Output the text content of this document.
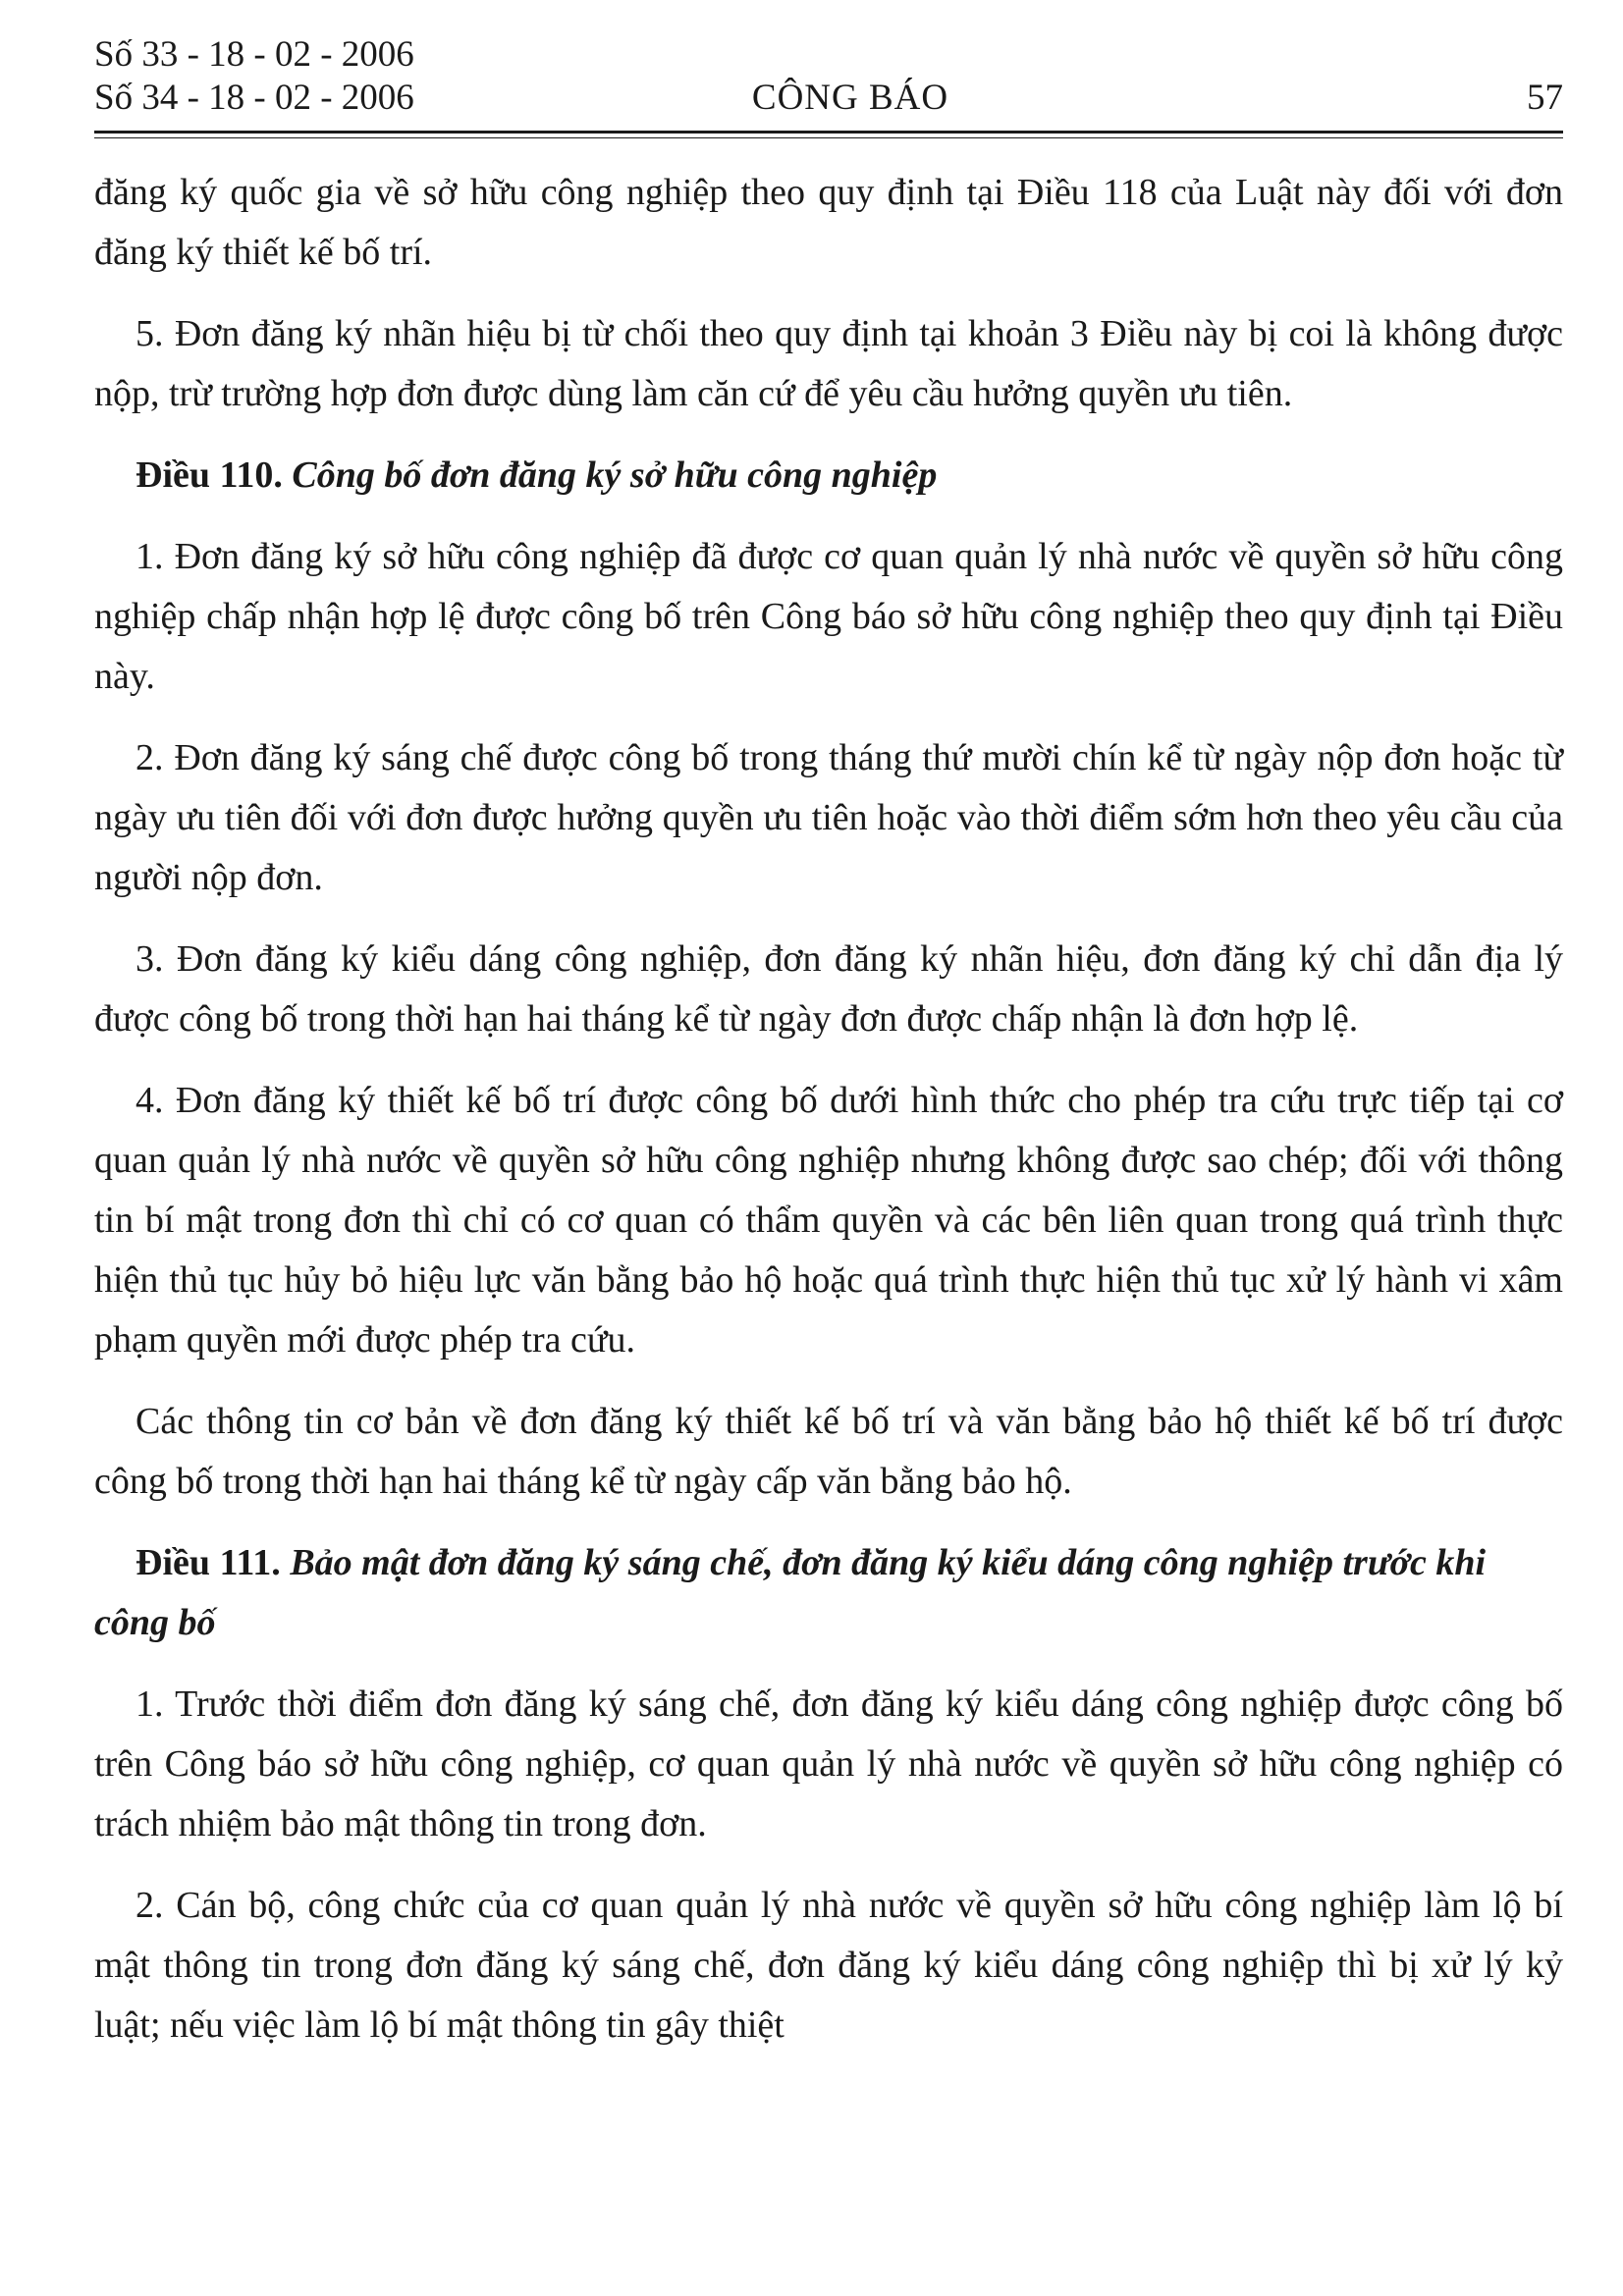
Số 33 - 18 - 02 - 2006
Số 34 - 18 - 02 - 2006	CÔNG BÁO	57

đăng ký quốc gia về sở hữu công nghiệp theo quy định tại Điều 118 của Luật này đối với đơn đăng ký thiết kế bố trí.

5. Đơn đăng ký nhãn hiệu bị từ chối theo quy định tại khoản 3 Điều này bị coi là không được nộp, trừ trường hợp đơn được dùng làm căn cứ để yêu cầu hưởng quyền ưu tiên.

Điều 110. Công bố đơn đăng ký sở hữu công nghiệp

1. Đơn đăng ký sở hữu công nghiệp đã được cơ quan quản lý nhà nước về quyền sở hữu công nghiệp chấp nhận hợp lệ được công bố trên Công báo sở hữu công nghiệp theo quy định tại Điều này.

2. Đơn đăng ký sáng chế được công bố trong tháng thứ mười chín kể từ ngày nộp đơn hoặc từ ngày ưu tiên đối với đơn được hưởng quyền ưu tiên hoặc vào thời điểm sớm hơn theo yêu cầu của người nộp đơn.

3. Đơn đăng ký kiểu dáng công nghiệp, đơn đăng ký nhãn hiệu, đơn đăng ký chỉ dẫn địa lý được công bố trong thời hạn hai tháng kể từ ngày đơn được chấp nhận là đơn hợp lệ.

4. Đơn đăng ký thiết kế bố trí được công bố dưới hình thức cho phép tra cứu trực tiếp tại cơ quan quản lý nhà nước về quyền sở hữu công nghiệp nhưng không được sao chép; đối với thông tin bí mật trong đơn thì chỉ có cơ quan có thẩm quyền và các bên liên quan trong quá trình thực hiện thủ tục hủy bỏ hiệu lực văn bằng bảo hộ hoặc quá trình thực hiện thủ tục xử lý hành vi xâm phạm quyền mới được phép tra cứu.

Các thông tin cơ bản về đơn đăng ký thiết kế bố trí và văn bằng bảo hộ thiết kế bố trí được công bố trong thời hạn hai tháng kể từ ngày cấp văn bằng bảo hộ.

Điều 111. Bảo mật đơn đăng ký sáng chế, đơn đăng ký kiểu dáng công nghiệp trước khi công bố

1. Trước thời điểm đơn đăng ký sáng chế, đơn đăng ký kiểu dáng công nghiệp được công bố trên Công báo sở hữu công nghiệp, cơ quan quản lý nhà nước về quyền sở hữu công nghiệp có trách nhiệm bảo mật thông tin trong đơn.

2. Cán bộ, công chức của cơ quan quản lý nhà nước về quyền sở hữu công nghiệp làm lộ bí mật thông tin trong đơn đăng ký sáng chế, đơn đăng ký kiểu dáng công nghiệp thì bị xử lý kỷ luật; nếu việc làm lộ bí mật thông tin gây thiệt
